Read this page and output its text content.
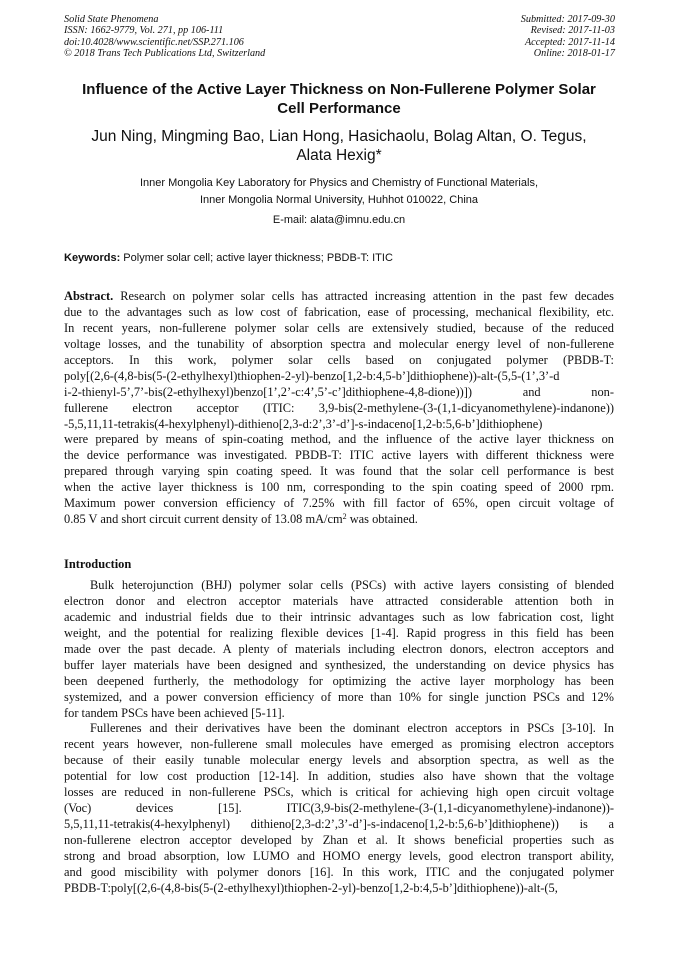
Solid State Phenomena
ISSN: 1662-9779, Vol. 271, pp 106-111
doi:10.4028/www.scientific.net/SSP.271.106
© 2018 Trans Tech Publications Ltd, Switzerland
Submitted: 2017-09-30
Revised: 2017-11-03
Accepted: 2017-11-14
Online: 2018-01-17
Influence of the Active Layer Thickness on Non-Fullerene Polymer Solar
Cell Performance
Jun Ning, Mingming Bao, Lian Hong, Hasichaolu, Bolag Altan, O. Tegus,
Alata Hexig*
Inner Mongolia Key Laboratory for Physics and Chemistry of Functional Materials,
Inner Mongolia Normal University, Huhhot 010022, China
E-mail: alata@imnu.edu.cn
Keywords: Polymer solar cell; active layer thickness; PBDB-T: ITIC
Abstract. Research on polymer solar cells has attracted increasing attention in the past few decades
due to the advantages such as low cost of fabrication, ease of processing, mechanical flexibility, etc.
In recent years, non-fullerene polymer solar cells are extensively studied, because of the reduced
voltage losses, and the tunability of absorption spectra and molecular energy level of non-fullerene
acceptors. In this work, polymer solar cells based on conjugated polymer (PBDB-T:
poly[(2,6-(4,8-bis(5-(2-ethylhexyl)thiophen-2-yl)-benzo[1,2-b:4,5-b’]dithiophene))-alt-(5,5-(1’,3’-d
i-2-thienyl-5’,7’-bis(2-ethylhexyl)benzo[1’,2’-c:4’,5’-c’]dithiophene-4,8-dione))]) and non-
fullerene electron acceptor (ITIC: 3,9-bis(2-methylene-(3-(1,1-dicyanomethylene)-indanone))
-5,5,11,11-tetrakis(4-hexylphenyl)-dithieno[2,3-d:2’,3’-d’]-s-indaceno[1,2-b:5,6-b’]dithiophene)
were prepared by means of spin-coating method, and the influence of the active layer thickness on
the device performance was investigated. PBDB-T: ITIC active layers with different thickness were
prepared through varying spin coating speed. It was found that the solar cell performance is best
when the active layer thickness is 100 nm, corresponding to the spin coating speed of 2000 rpm.
Maximum power conversion efficiency of 7.25% with fill factor of 65%, open circuit voltage of
0.85 V and short circuit current density of 13.08 $mA/cm^2$ was obtained.
Introduction
Bulk heterojunction (BHJ) polymer solar cells (PSCs) with active layers consisting of blended
electron donor and electron acceptor materials have attracted considerable attention both in
academic and industrial fields due to their intrinsic advantages such as low fabrication cost, light
weight, and the potential for realizing flexible devices [1-4]. Rapid progress in this field has been
made over the past decade. A plenty of materials including electron donors, electron acceptors and
buffer layer materials have been designed and synthesized, the understanding on device physics has
been deepened furtherly, the methodology for optimizing the active layer morphology has been
systemized, and a power conversion efficiency of more than 10% for single junction PSCs and 12%
for tandem PSCs have been achieved [5-11].
Fullerenes and their derivatives have been the dominant electron acceptors in PSCs [3-10]. In
recent years however, non-fullerene small molecules have emerged as promising electron acceptors
because of their easily tunable molecular energy levels and absorption spectra, as well as the
potential for low cost production [12-14]. In addition, studies also have shown that the voltage
losses are reduced in non-fullerene PSCs, which is critical for achieving high open circuit voltage
(Voc) devices [15]. ITIC(3,9-bis(2-methylene-(3-(1,1-dicyanomethylene)-indanone))-
5,5,11,11-tetrakis(4-hexylphenyl) dithieno[2,3-d:2’,3’-d’]-s-indaceno[1,2-b:5,6-b’]dithiophene)) is a
non-fullerene electron acceptor developed by Zhan et al. It shows beneficial properties such as
strong and broad absorption, low LUMO and HOMO energy levels, good electron transport ability,
and good miscibility with polymer donors [16]. In this work, ITIC and the conjugated polymer
PBDB-T:poly[(2,6-(4,8-bis(5-(2-ethylhexyl)thiophen-2-yl)-benzo[1,2-b:4,5-b’]dithiophene))-alt-(5,
